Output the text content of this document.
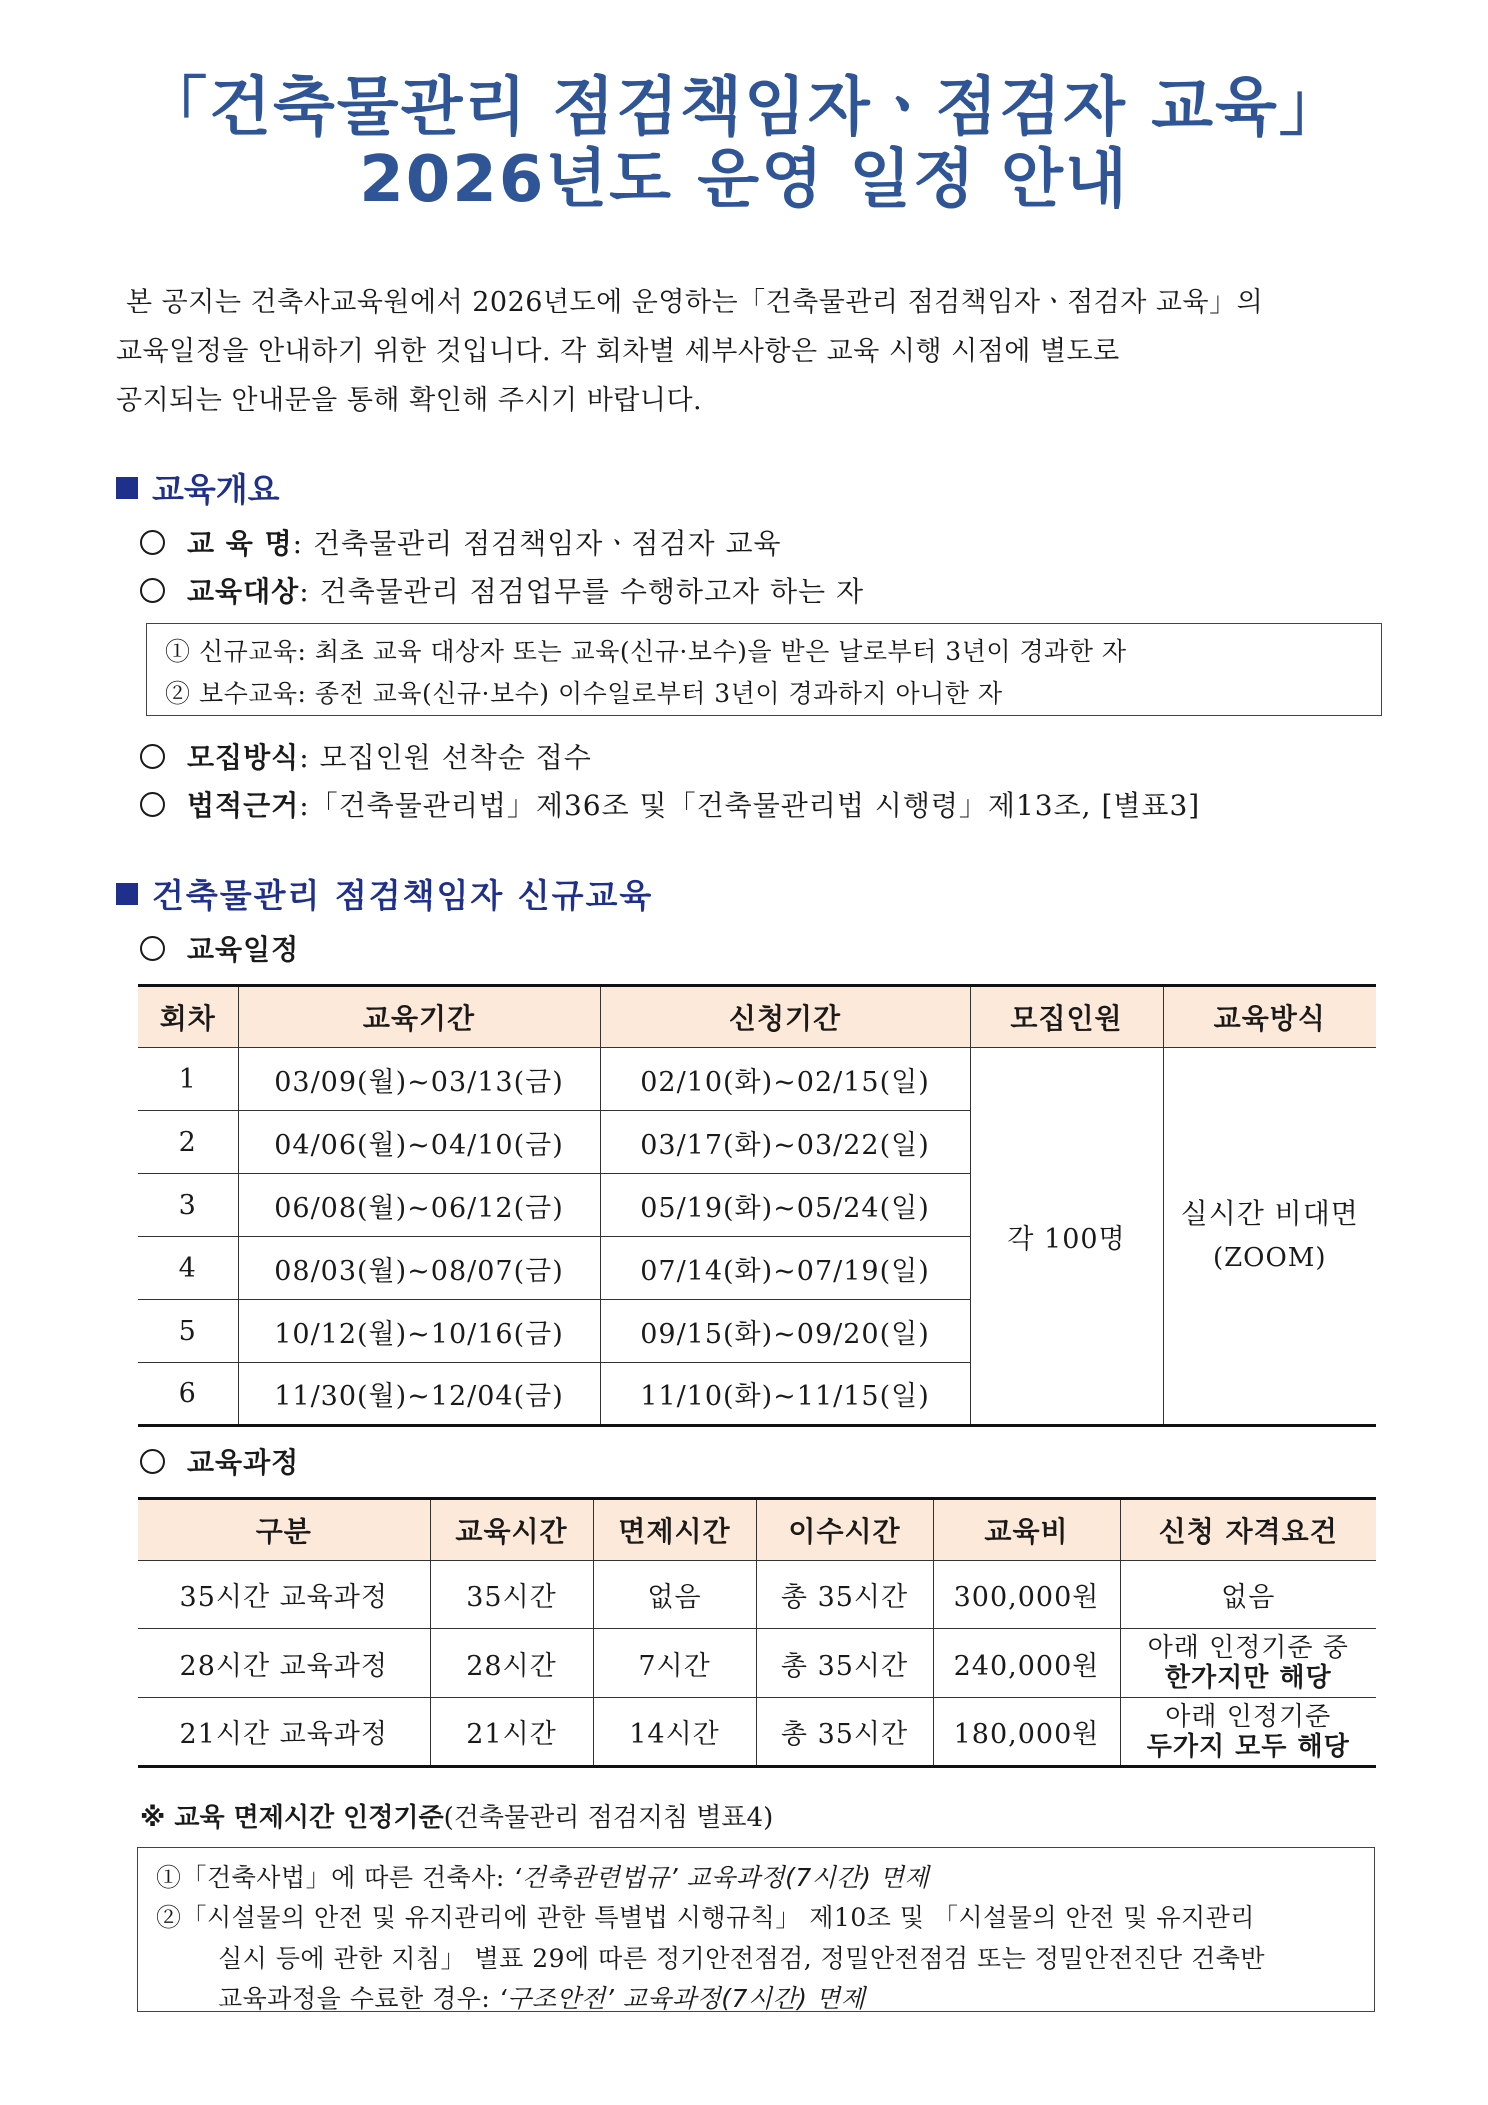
「건축물관리 점검책임자ㆍ점검자 교육」
2026년도 운영 일정 안내
본 공지는 건축사교육원에서 2026년도에 운영하는「건축물관리 점검책임자ㆍ점검자 교육」의
교육일정을 안내하기 위한 것입니다. 각 회차별 세부사항은 교육 시행 시점에 별도로
공지되는 안내문을 통해 확인해 주시기 바랍니다.
교육개요
교 육 명: 건축물관리 점검책임자ㆍ점검자 교육
교육대상: 건축물관리 점검업무를 수행하고자 하는 자
① 신규교육: 최초 교육 대상자 또는 교육(신규·보수)을 받은 날로부터 3년이 경과한 자
② 보수교육: 종전 교육(신규·보수) 이수일로부터 3년이 경과하지 아니한 자
모집방식: 모집인원 선착순 접수
법적근거:「건축물관리법」제36조 및「건축물관리법 시행령」제13조, [별표3]
건축물관리 점검책임자 신규교육
교육일정
회차	교육기간	신청기간	모집인원	교육방식
1	03/09(월)~03/13(금)	02/10(화)~02/15(일)	각 100명	실시간 비대면
(ZOOM)

2	04/06(월)~04/10(금)	03/17(화)~03/22(일)		
3	06/08(월)~06/12(금)	05/19(화)~05/24(일)		
4	08/03(월)~08/07(금)	07/14(화)~07/19(일)		
5	10/12(월)~10/16(금)	09/15(화)~09/20(일)		
6	11/30(월)~12/04(금)	11/10(화)~11/15(일)		
교육과정
구분	교육시간	면제시간	이수시간	교육비	신청 자격요건
35시간 교육과정	35시간	없음	총 35시간	300,000원	없음
28시간 교육과정	28시간	7시간	총 35시간	240,000원	아래 인정기준 중
한가지만 해당

21시간 교육과정	21시간	14시간	총 35시간	180,000원	아래 인정기준
두가지 모두 해당
※ 교육 면제시간 인정기준(건축물관리 점검지침 별표4)
①「건축사법」에 따른 건축사: ‘건축관련법규’ 교육과정(7시간) 면제
②「시설물의 안전 및 유지관리에 관한 특별법 시행규칙」 제10조 및 「시설물의 안전 및 유지관리
실시 등에 관한 지침」 별표 29에 따른 정기안전점검, 정밀안전점검 또는 정밀안전진단 건축반
교육과정을 수료한 경우: ‘구조안전’ 교육과정(7시간) 면제
